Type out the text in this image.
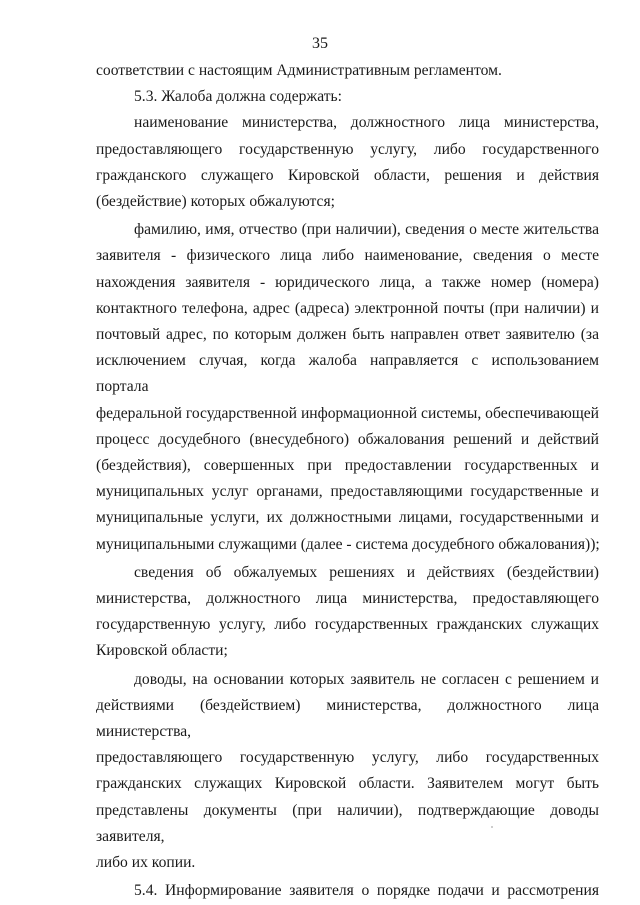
35
соответствии с настоящим Административным регламентом.
5.3. Жалоба должна содержать:
наименование министерства, должностного лица министерства,
предоставляющего государственную услугу, либо государственного
гражданского служащего Кировской области, решения и действия
(бездействие) которых обжалуются;
фамилию, имя, отчество (при наличии), сведения о месте жительства
заявителя - физического лица либо наименование, сведения о месте
нахождения заявителя - юридического лица, а также номер (номера)
контактного телефона, адрес (адреса) электронной почты (при наличии) и
почтовый адрес, по которым должен быть направлен ответ заявителю (за
исключением случая, когда жалоба направляется с использованием портала
федеральной государственной информационной системы, обеспечивающей
процесс досудебного (внесудебного) обжалования решений и действий
(бездействия), совершенных при предоставлении государственных и
муниципальных услуг органами, предоставляющими государственные и
муниципальные услуги, их должностными лицами, государственными и
муниципальными служащими (далее - система досудебного обжалования));
сведения об обжалуемых решениях и действиях (бездействии)
министерства, должностного лица министерства, предоставляющего
государственную услугу, либо государственных гражданских служащих
Кировской области;
доводы, на основании которых заявитель не согласен с решением и
действиями (бездействием) министерства, должностного лица министерства,
предоставляющего государственную услугу, либо государственных
гражданских служащих Кировской области. Заявителем могут быть
представлены документы (при наличии), подтверждающие доводы заявителя,
либо их копии.
5.4. Информирование заявителя о порядке подачи и рассмотрения
